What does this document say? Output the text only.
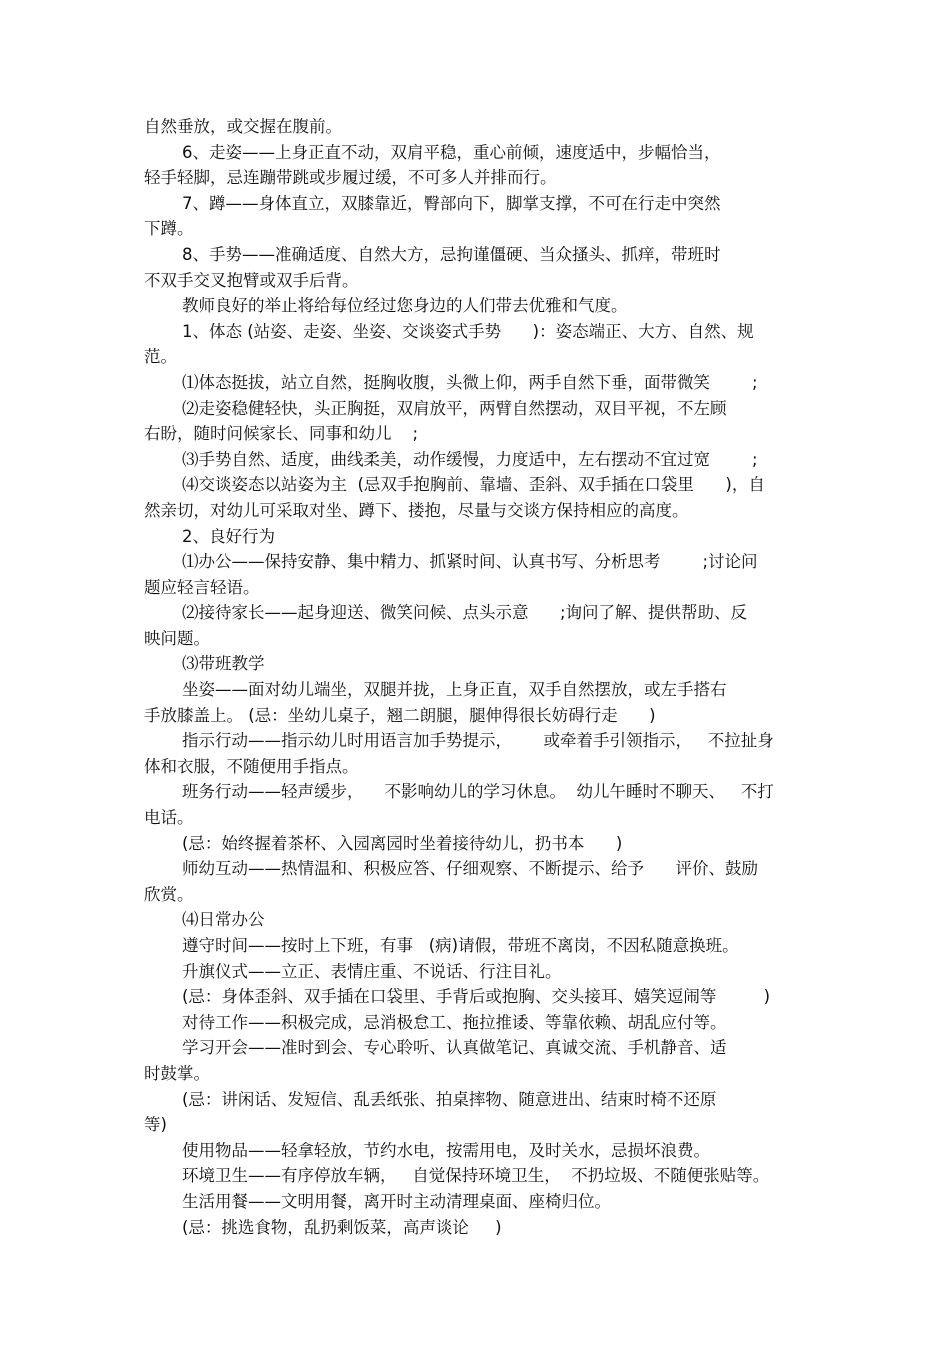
自然垂放，或交握在腹前。

6、走姿——上身正直不动，双肩平稳，重心前倾，速度适中，步幅恰当，

轻手轻脚，忌连蹦带跳或步履过缓，不可多人并排而行。

7、蹲——身体直立，双膝靠近，臀部向下，脚掌支撑，不可在行走中突然

下蹲。

8、手势——准确适度、自然大方，忌拘谨僵硬、当众搔头、抓痒，带班时

不双手交叉抱臂或双手后背。

教师良好的举止将给每位经过您身边的人们带去优雅和气度。

1、体态 (站姿、走姿、坐姿、交谈姿式手势      )：姿态端正、大方、自然、规

范。

⑴体态挺拔，站立自然，挺胸收腹，头微上仰，两手自然下垂，面带微笑        ;

⑵走姿稳健轻快，头正胸挺，双肩放平，两臂自然摆动，双目平视，不左顾

右盼，随时问候家长、同事和幼儿    ;

⑶手势自然、适度，曲线柔美，动作缓慢，力度适中，左右摆动不宜过宽        ;

⑷交谈姿态以站姿为主  (忌双手抱胸前、靠墙、歪斜、双手插在口袋里      )，自

然亲切，对幼儿可采取对坐、蹲下、搂抱，尽量与交谈方保持相应的高度。

2、良好行为

⑴办公——保持安静、集中精力、抓紧时间、认真书写、分析思考        ;讨论问

题应轻言轻语。

⑵接待家长——起身迎送、微笑问候、点头示意      ;询问了解、提供帮助、反

映问题。

⑶带班教学

坐姿——面对幼儿端坐，双腿并拢，上身正直，双手自然摆放，或左手搭右

手放膝盖上。 (忌：坐幼儿桌子，翘二朗腿，腿伸得很长妨碍行走      )

指示行动——指示幼儿时用语言加手势提示，      或牵着手引领指示，   不拉扯身

体和衣服，不随便用手指点。

班务行动——轻声缓步，    不影响幼儿的学习休息。  幼儿午睡时不聊天、   不打

电话。

(忌：始终握着茶杯、入园离园时坐着接待幼儿，扔书本      )

师幼互动——热情温和、积极应答、仔细观察、不断提示、给予      评价、鼓励

欣赏。

⑷日常办公

遵守时间——按时上下班，有事   (病)请假，带班不离岗，不因私随意换班。

升旗仪式——立正、表情庄重、不说话、行注目礼。

(忌：身体歪斜、双手插在口袋里、手背后或抱胸、交头接耳、嬉笑逗闹等         )

对待工作——积极完成，忌消极怠工、拖拉推诿、等靠依赖、胡乱应付等。

学习开会——准时到会、专心聆听、认真做笔记、真诚交流、手机静音、适

时鼓掌。

(忌：讲闲话、发短信、乱丢纸张、拍桌摔物、随意进出、结束时椅不还原

等)

使用物品——轻拿轻放，节约水电，按需用电，及时关水，忌损坏浪费。

环境卫生——有序停放车辆，   自觉保持环境卫生，  不扔垃圾、不随便张贴等。

生活用餐——文明用餐，离开时主动清理桌面、座椅归位。

(忌：挑选食物，乱扔剩饭菜，高声谈论     )
